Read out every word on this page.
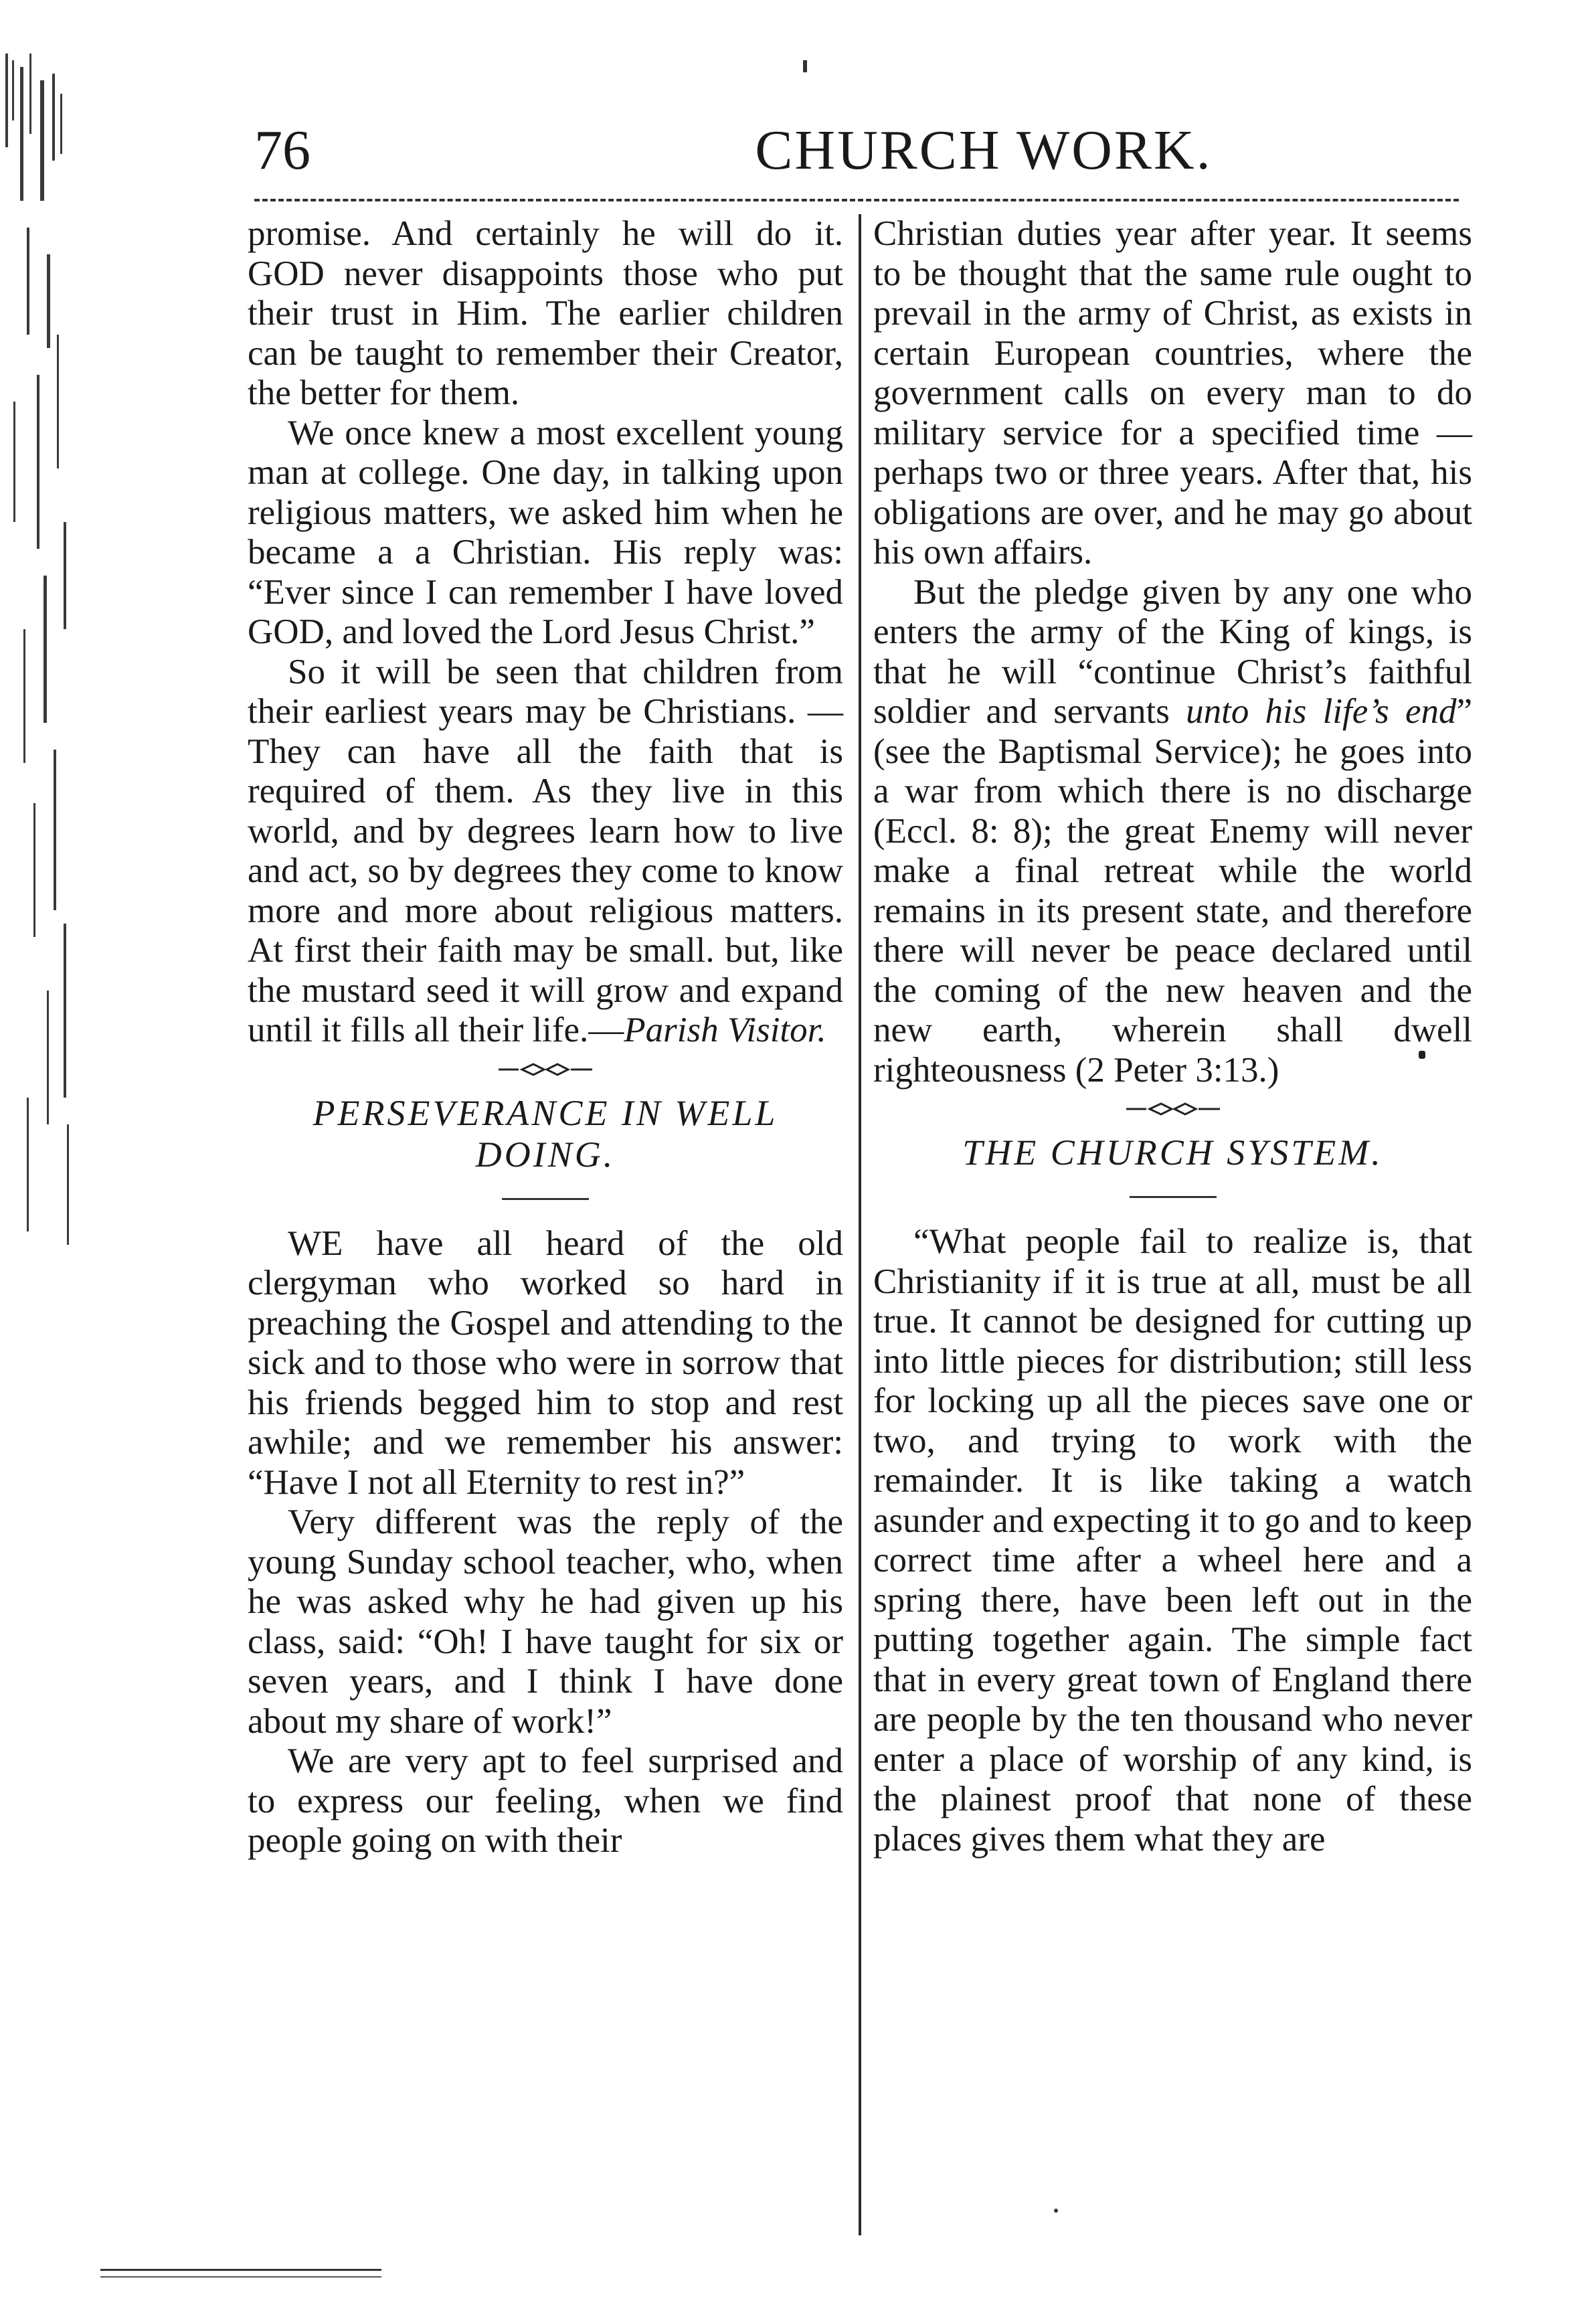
76	CHURCH WORK.

promise. And certainly he will do it. GOD never disappoints those who put their trust in Him. The earlier children can be taught to remember their Creator, the better for them.

We once knew a most excellent young man at college. One day, in talking upon religious matters, we asked him when he became a a Christian. His reply was: “Ever since I can remember I have loved GOD, and loved the Lord Jesus Christ.”

So it will be seen that children from their earliest years may be Christians. — They can have all the faith that is required of them. As they live in this world, and by degrees learn how to live and act, so by degrees they come to know more and more about religious matters. At first their faith may be small. but, like the mustard seed it will grow and expand until it fills all their life.—Parish Visitor.

PERSEVERANCE IN WELL DOING.

WE have all heard of the old clergyman who worked so hard in preaching the Gospel and attending to the sick and to those who were in sorrow that his friends begged him to stop and rest awhile; and we remember his answer: “Have I not all Eternity to rest in?”

Very different was the reply of the young Sunday school teacher, who, when he was asked why he had given up his class, said: “Oh! I have taught for six or seven years, and I think I have done about my share of work!”

We are very apt to feel surprised and to express our feeling, when we find people going on with their

Christian duties year after year. It seems to be thought that the same rule ought to prevail in the army of Christ, as exists in certain European countries, where the government calls on every man to do military service for a specified time —perhaps two or three years. After that, his obligations are over, and he may go about his own affairs.

But the pledge given by any one who enters the army of the King of kings, is that he will “continue Christ’s faithful soldier and servants unto his life’s end” (see the Baptismal Service); he goes into a war from which there is no discharge (Eccl. 8: 8); the great Enemy will never make a final retreat while the world remains in its present state, and therefore there will never be peace declared until the coming of the new heaven and the new earth, wherein shall dwell righteousness (2 Peter 3:13.)

THE CHURCH SYSTEM.

“What people fail to realize is, that Christianity if it is true at all, must be all true. It cannot be designed for cutting up into little pieces for distribution; still less for locking up all the pieces save one or two, and trying to work with the remainder. It is like taking a watch asunder and expecting it to go and to keep correct time after a wheel here and a spring there, have been left out in the putting together again. The simple fact that in every great town of England there are people by the ten thousand who never enter a place of worship of any kind, is the plainest proof that none of these places gives them what they are
